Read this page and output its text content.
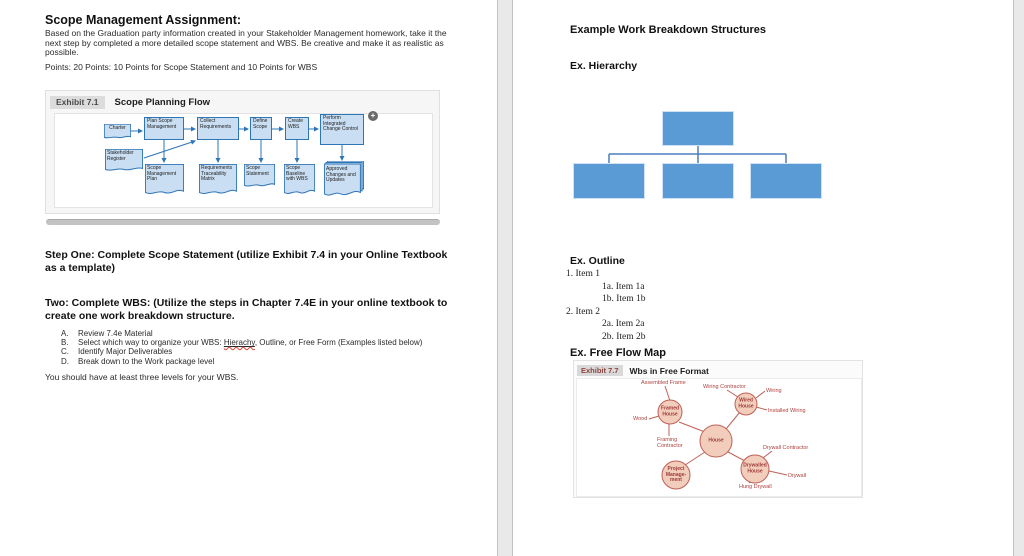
Scope Management Assignment:
Based on the Graduation party information created in your Stakeholder Management homework, take it the next step by completed a more detailed scope statement and WBS. Be creative and make it as realistic as possible.
Points: 20 Points: 10 Points for Scope Statement and 10 Points for WBS
Exhibit 7.1	Scope Planning Flow
Charter
Stakeholder Register
Plan Scope Management
Collect Requirements
Define Scope
Create WBS
Perform Integrated Change Control
+
Scope Management Plan
Requirements Traceability Matrix
Scope Statement
Scope Baseline with WBS
Approved Changes and Updates
Step One: Complete Scope Statement (utilize Exhibit 7.4 in your Online Textbook as a template)
Two: Complete WBS: (Utilize the steps in Chapter 7.4E in your online textbook to create one work breakdown structure.
A.	Review 7.4e Material
B.	Select which way to organize your WBS: Hierachy, Outline, or Free Form (Examples listed below)
C.	Identify Major Deliverables
D.	Break down to the Work package level
You should have at least three levels for your WBS.
Example Work Breakdown Structures
Ex. Hierarchy
Ex. Outline
1. Item 1
1a. Item 1a
1b. Item 1b
2. Item 2
2a. Item 2a
2b. Item 2b
Ex. Free Flow Map
Exhibit 7.7	Wbs in Free Format
Framed House
Wired House
House
Drywalled House
Project
Manage-
ment
Assembled Frame
Wood
Framing Contractor
Wiring Contractor
Wiring
Installed Wiring
Drywall Contractor
Drywall
Hung Drywall
